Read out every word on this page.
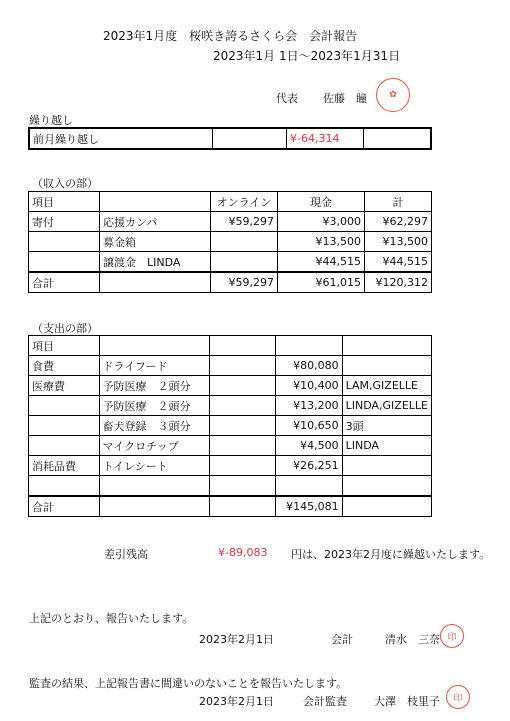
2023年1月度　桜咲き誇るさくら会　会計報告
2023年1月 1日～2023年1月31日
代表 佐藤　瞳	✿
繰り越し
前月繰り越し		¥-64,314	
（収入の部）
項目		オンライン	現金	計
寄付	応援カンパ	¥59,297	¥3,000	¥62,297
	募金箱		¥13,500	¥13,500
	譲渡金　LINDA		¥44,515	¥44,515
合計		¥59,297	¥61,015	¥120,312
（支出の部）
項目				
食費	ドライフード		¥80,080	
医療費	予防医療　２頭分		¥10,400	LAM,GIZELLE
	予防医療　２頭分		¥13,200	LINDA,GIZELLE
	畜犬登録　３頭分		¥10,650	3頭
	マイクロチップ		¥4,500	LINDA
消耗品費	トイレシート		¥26,251	

合計			¥145,081	
差引残高	¥-89,083 円は、2023年2月度に繰越いたします。
上記のとおり、報告いたします。
2023年2月1日	会計	清水　三奈 印
監査の結果、上記報告書に間違いのないことを報告いたします。
2023年2月1日	会計監査 大澤　枝里子	印
